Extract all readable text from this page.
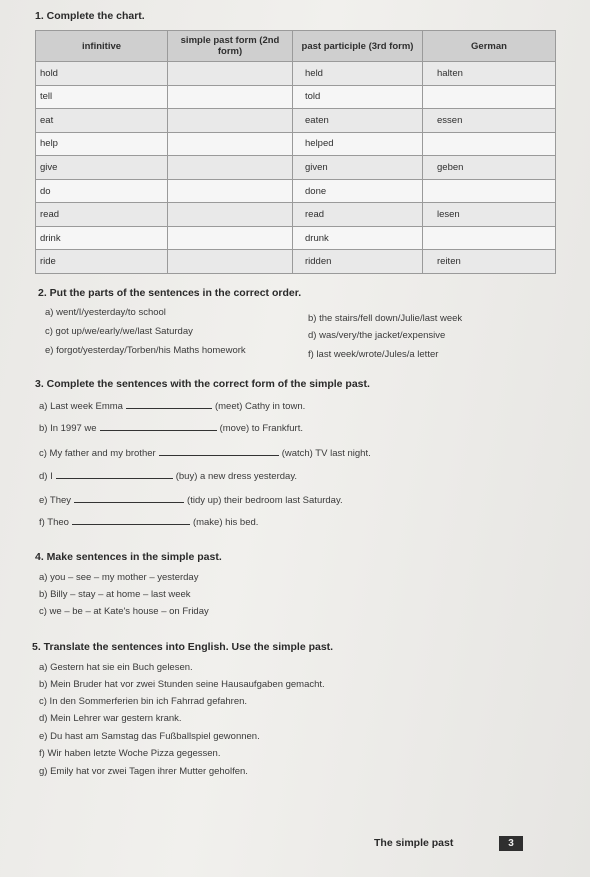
1. Complete the chart.
infinitive	simple past form (2nd form)	past participle (3rd form)	German
hold		held	halten
tell		told	
eat		eaten	essen
help		helped	
give		given	geben
do		done	
read		read	lesen
drink		drunk	
ride		ridden	reiten
2. Put the parts of the sentences in the correct order.
a) went/I/yesterday/to school
b) the stairs/fell down/Julie/last week
c) got up/we/early/we/last Saturday	d) was/very/the jacket/expensive
e) forgot/yesterday/Torben/his Maths homework	f) last week/wrote/Jules/a letter
3. Complete the sentences with the correct form of the simple past.
a) Last week Emma	(meet) Cathy in town.
b) In 1997 we	(move) to Frankfurt.
c) My father and my brother	(watch) TV last night.
d) I	(buy) a new dress yesterday.
e) They	(tidy up) their bedroom last Saturday.
f) Theo	(make) his bed.
4. Make sentences in the simple past.
a) you – see – my mother – yesterday
b) Billy – stay – at home – last week
c) we – be – at Kate's house – on Friday
5. Translate the sentences into English. Use the simple past.
a) Gestern hat sie ein Buch gelesen.
b) Mein Bruder hat vor zwei Stunden seine Hausaufgaben gemacht.
c) In den Sommerferien bin ich Fahrrad gefahren.
d) Mein Lehrer war gestern krank.
e) Du hast am Samstag das Fußballspiel gewonnen.
f) Wir haben letzte Woche Pizza gegessen.
g) Emily hat vor zwei Tagen ihrer Mutter geholfen.
The simple past	3
